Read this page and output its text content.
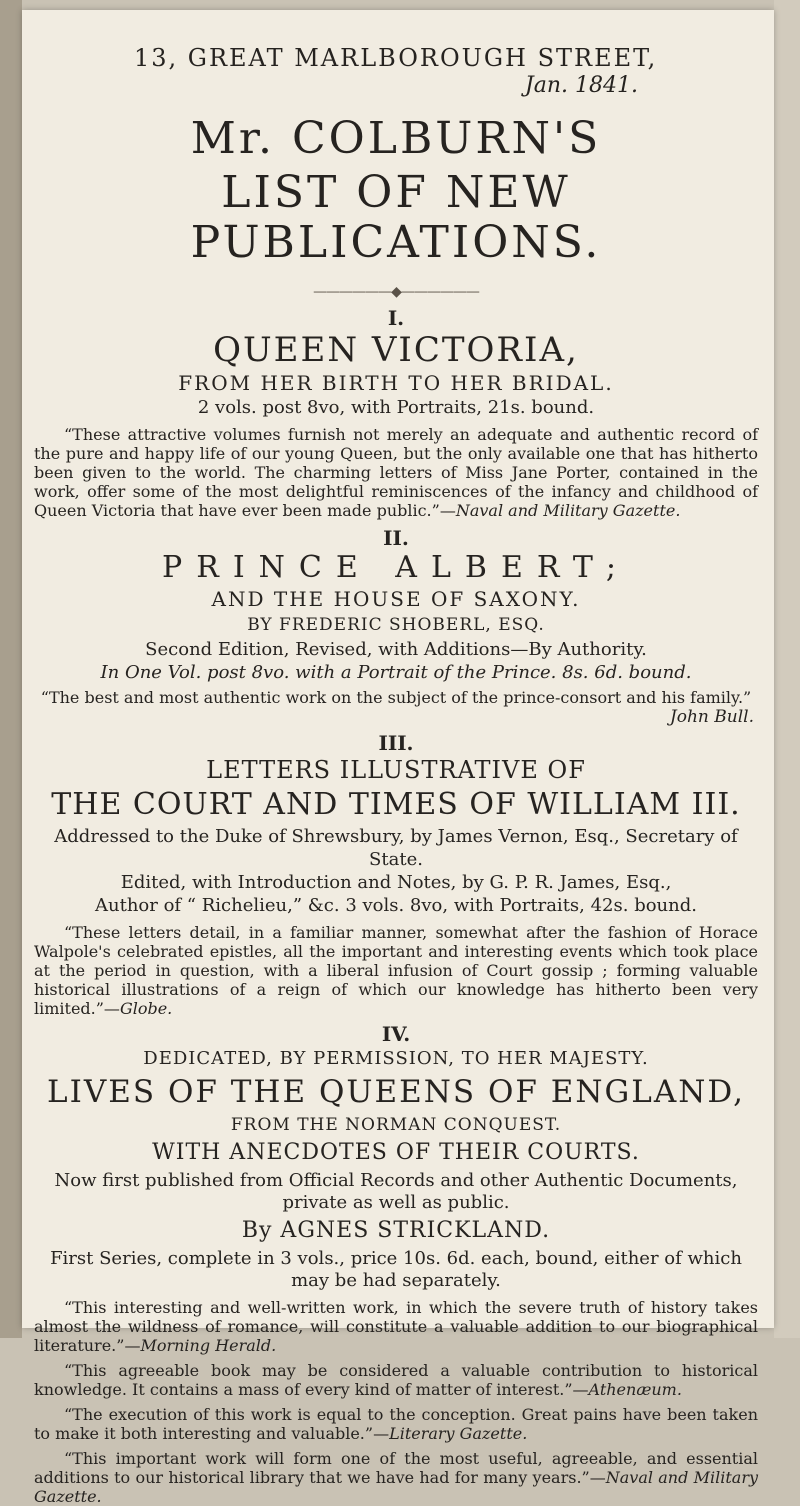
13, GREAT MARLBOROUGH STREET,

Jan. 1841.

Mr. COLBURN'S

LIST OF NEW PUBLICATIONS.

——————◆——————

I.

QUEEN VICTORIA,

FROM HER BIRTH TO HER BRIDAL.

2 vols. post 8vo, with Portraits, 21s. bound.

“These attractive volumes furnish not merely an adequate and authentic record of the pure and happy life of our young Queen, but the only available one that has hitherto been given to the world. The charming letters of Miss Jane Porter, contained in the work, offer some of the most delightful reminiscences of the infancy and childhood of Queen Victoria that have ever been made public.”—Naval and Military Gazette.

II.

PRINCE ALBERT;

AND THE HOUSE OF SAXONY.

BY FREDERIC SHOBERL, ESQ.

Second Edition, Revised, with Additions—By Authority.

In One Vol. post 8vo. with a Portrait of the Prince. 8s. 6d. bound.

“The best and most authentic work on the subject of the prince-consort and his family.”

John Bull.

III.

LETTERS ILLUSTRATIVE OF

THE COURT AND TIMES OF WILLIAM III.

Addressed to the Duke of Shrewsbury, by James Vernon, Esq., Secretary of State.

Edited, with Introduction and Notes, by G. P. R. James, Esq.,

Author of “ Richelieu,” &c. 3 vols. 8vo, with Portraits, 42s. bound.

“These letters detail, in a familiar manner, somewhat after the fashion of Horace Walpole's celebrated epistles, all the important and interesting events which took place at the period in question, with a liberal infusion of Court gossip ; forming valuable historical illustrations of a reign of which our knowledge has hitherto been very limited.”—Globe.

IV.

DEDICATED, BY PERMISSION, TO HER MAJESTY.

LIVES OF THE QUEENS OF ENGLAND,

FROM THE NORMAN CONQUEST.

WITH ANECDOTES OF THEIR COURTS.

Now first published from Official Records and other Authentic Documents, private as well as public.

By AGNES STRICKLAND.

First Series, complete in 3 vols., price 10s. 6d. each, bound, either of which may be had separately.

“This interesting and well-written work, in which the severe truth of history takes almost the wildness of romance, will constitute a valuable addition to our biographical literature.”—Morning Herald.

“This agreeable book may be considered a valuable contribution to historical knowledge. It contains a mass of every kind of matter of interest.”—Athenæum.

“The execution of this work is equal to the conception. Great pains have been taken to make it both interesting and valuable.”—Literary Gazette.

“This important work will form one of the most useful, agreeable, and essential additions to our historical library that we have had for many years.”—Naval and Military Gazette.
